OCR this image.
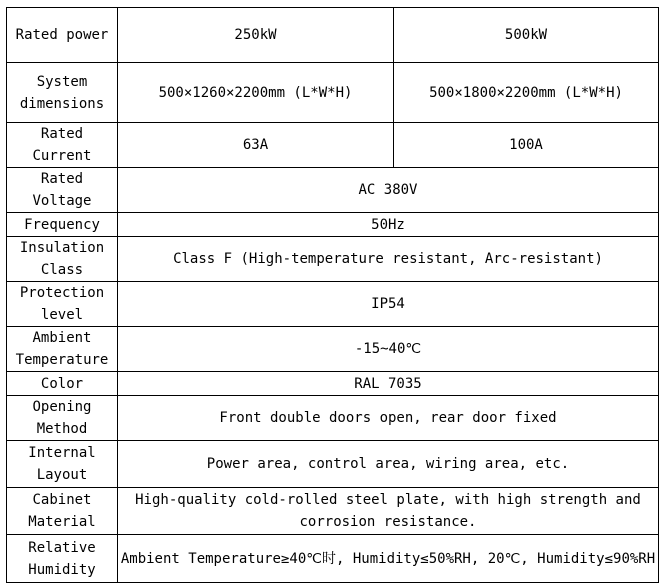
Rated power	250kW	500kW
System dimensions	500×1260×2200mm (L*W*H)	500×1800×2200mm (L*W*H)
Rated Current	63A	100A
Rated Voltage	AC 380V	
Frequency	50Hz	
Insulation Class	Class F (High-temperature resistant, Arc-resistant)	
Protection level	IP54	
Ambient Temperature	-15~40℃	
Color	RAL 7035	
Opening Method	Front double doors open, rear door fixed	
Internal Layout	Power area, control area, wiring area, etc.	
Cabinet Material	High-quality cold-rolled steel plate, with high strength and corrosion resistance.	
Relative Humidity	Ambient Temperature≥40℃时, Humidity≤50%RH, 20℃, Humidity≤90%RH	
